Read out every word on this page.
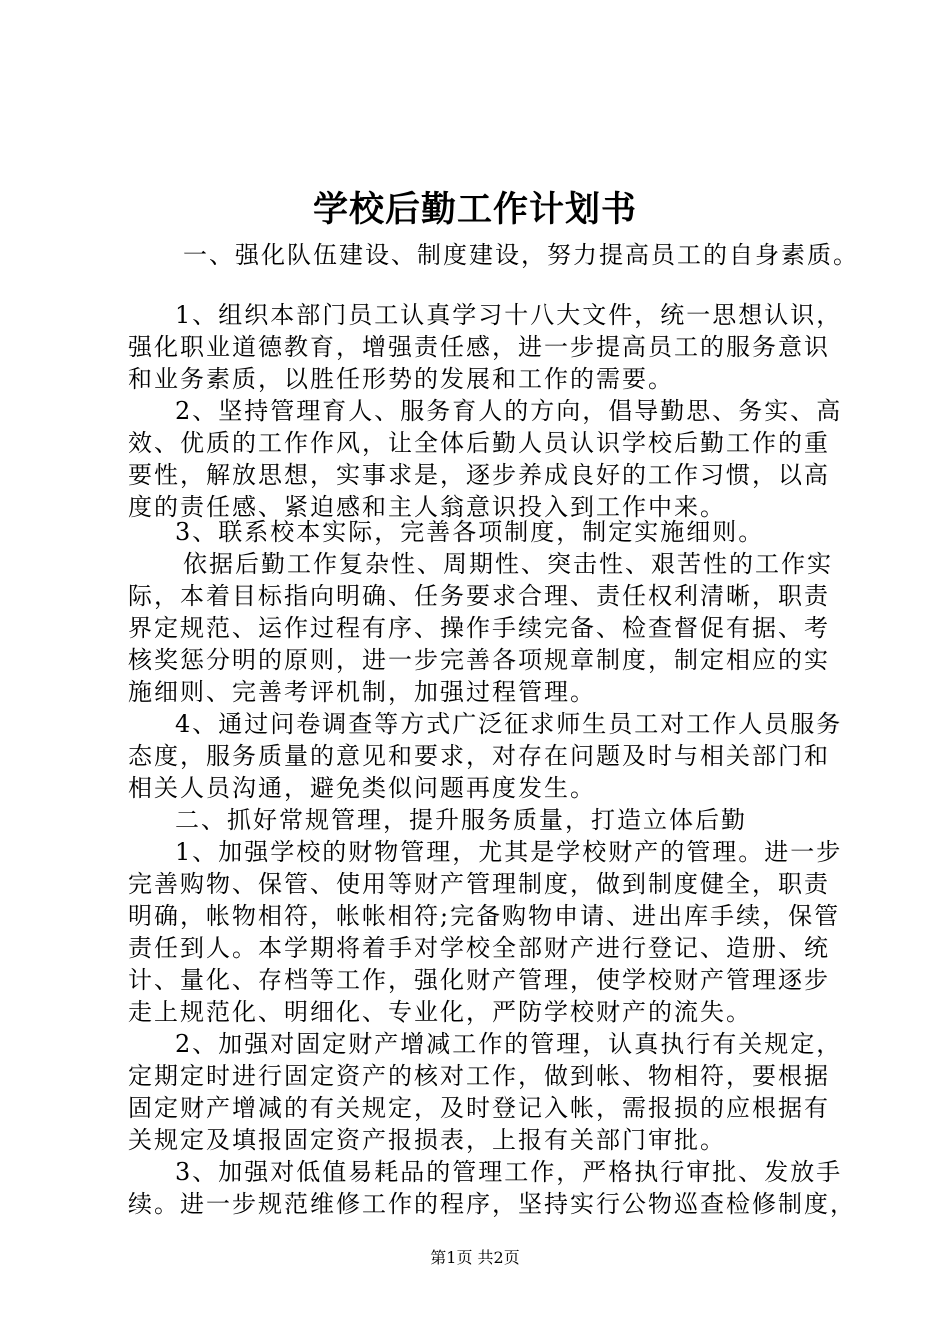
学校后勤工作计划书

一、强化队伍建设、制度建设，努力提高员工的自身素质。

1、组织本部门员工认真学习十八大文件，统一思想认识，

强化职业道德教育，增强责任感，进一步提高员工的服务意识

和业务素质，以胜任形势的发展和工作的需要。

2、坚持管理育人、服务育人的方向，倡导勤思、务实、高

效、优质的工作作风，让全体后勤人员认识学校后勤工作的重

要性，解放思想，实事求是，逐步养成良好的工作习惯，以高

度的责任感、紧迫感和主人翁意识投入到工作中来。

3、联系校本实际，完善各项制度，制定实施细则。

依据后勤工作复杂性、周期性、突击性、艰苦性的工作实

际，本着目标指向明确、任务要求合理、责任权利清晰，职责

界定规范、运作过程有序、操作手续完备、检查督促有据、考

核奖惩分明的原则，进一步完善各项规章制度，制定相应的实

施细则、完善考评机制，加强过程管理。

4、通过问卷调查等方式广泛征求师生员工对工作人员服务

态度，服务质量的意见和要求，对存在问题及时与相关部门和

相关人员沟通，避免类似问题再度发生。

二、抓好常规管理，提升服务质量，打造立体后勤

1、加强学校的财物管理，尤其是学校财产的管理。进一步

完善购物、保管、使用等财产管理制度，做到制度健全，职责

明确，帐物相符，帐帐相符;完备购物申请、进出库手续，保管

责任到人。本学期将着手对学校全部财产进行登记、造册、统

计、量化、存档等工作，强化财产管理，使学校财产管理逐步

走上规范化、明细化、专业化，严防学校财产的流失。

2、加强对固定财产增减工作的管理，认真执行有关规定，

定期定时进行固定资产的核对工作，做到帐、物相符，要根据

固定财产增减的有关规定，及时登记入帐，需报损的应根据有

关规定及填报固定资产报损表，上报有关部门审批。

3、加强对低值易耗品的管理工作，严格执行审批、发放手

续。进一步规范维修工作的程序，坚持实行公物巡查检修制度，

第1页 共2页
